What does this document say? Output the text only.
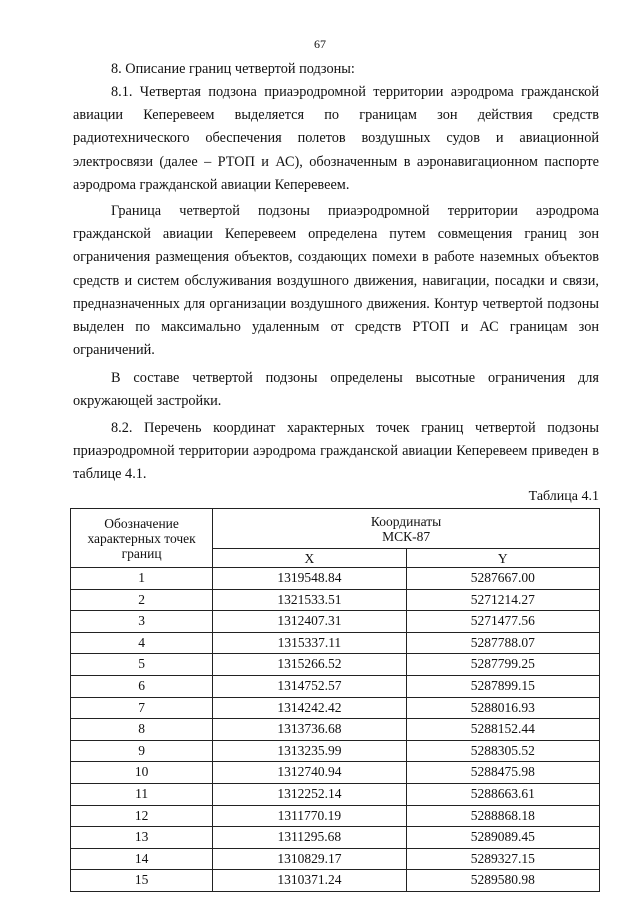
67
8. Описание границ четвертой подзоны:

8.1. Четвертая подзона приаэродромной территории аэродрома гражданской авиации Кеперевеем выделяется по границам зон действия средств радиотехнического обеспечения полетов воздушных судов и авиационной электросвязи (далее – РТОП и АС), обозначенным в аэронавигационном паспорте аэродрома гражданской авиации Кеперевеем.

Граница четвертой подзоны приаэродромной территории аэродрома гражданской авиации Кеперевеем определена путем совмещения границ зон ограничения размещения объектов, создающих помехи в работе наземных объектов средств и систем обслуживания воздушного движения, навигации, посадки и связи, предназначенных для организации воздушного движения. Контур четвертой подзоны выделен по максимально удаленным от средств РТОП и АС границам зон ограничений.

В составе четвертой подзоны определены высотные ограничения для окружающей застройки.

8.2. Перечень координат характерных точек границ четвертой подзоны приаэродромной территории аэродрома гражданской авиации Кеперевеем приведен в таблице 4.1.

Таблица 4.1
Обозначение характерных точек границ	Координаты
МСК-87	

	X	Y
1	1319548.84	5287667.00
2	1321533.51	5271214.27
3	1312407.31	5271477.56
4	1315337.11	5287788.07
5	1315266.52	5287799.25
6	1314752.57	5287899.15
7	1314242.42	5288016.93
8	1313736.68	5288152.44
9	1313235.99	5288305.52
10	1312740.94	5288475.98
11	1312252.14	5288663.61
12	1311770.19	5288868.18
13	1311295.68	5289089.45
14	1310829.17	5289327.15
15	1310371.24	5289580.98
